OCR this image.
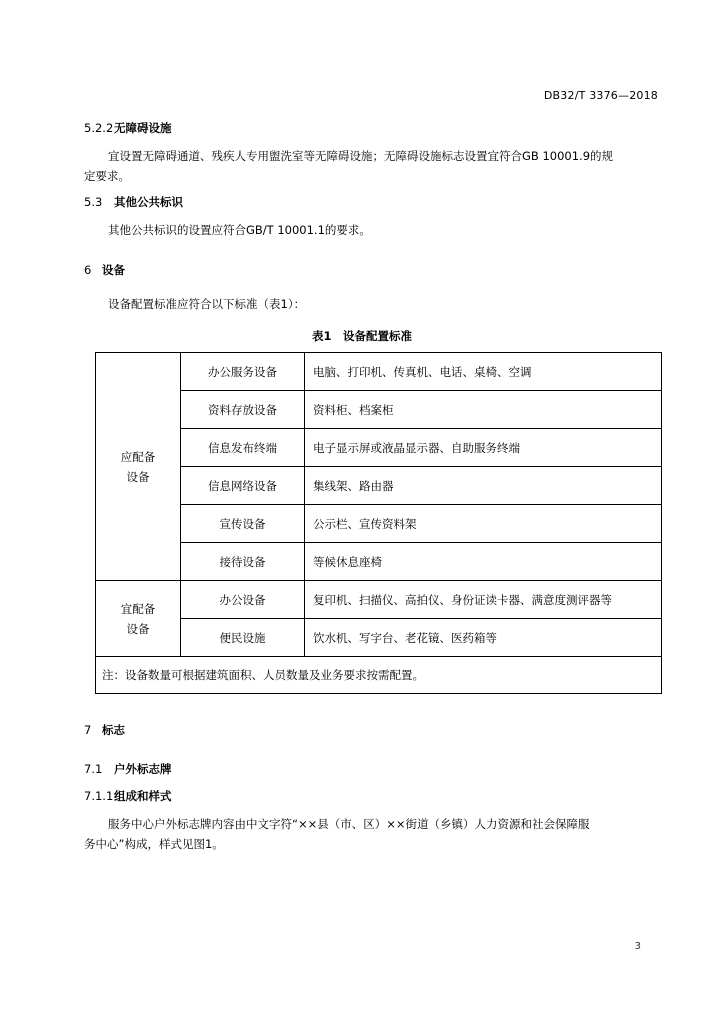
DB32/T 3376—2018
5.2.2无障碍设施
宜设置无障碍通道、残疾人专用盥洗室等无障碍设施；无障碍设施标志设置宜符合GB 10001.9的规
定要求。
5.3 其他公共标识
其他公共标识的设置应符合GB/T 10001.1的要求。
6 设备
设备配置标准应符合以下标准（表1）：
表1　设备配置标准
应配备
设备	办公服务设备	电脑、打印机、传真机、电话、桌椅、空调
	资料存放设备	资料柜、档案柜
	信息发布终端	电子显示屏或液晶显示器、自助服务终端
	信息网络设备	集线架、路由器
	宣传设备	公示栏、宣传资料架
	接待设备	等候休息座椅
宜配备
设备	办公设备	复印机、扫描仪、高拍仪、身份证读卡器、满意度测评器等
	便民设施	饮水机、写字台、老花镜、医药箱等
注：设备数量可根据建筑面积、人员数量及业务要求按需配置。		
7 标志
7.1 户外标志牌
7.1.1组成和样式
服务中心户外标志牌内容由中文字符“××县（市、区）××街道（乡镇）人力资源和社会保障服
务中心”构成，样式见图1。
3
